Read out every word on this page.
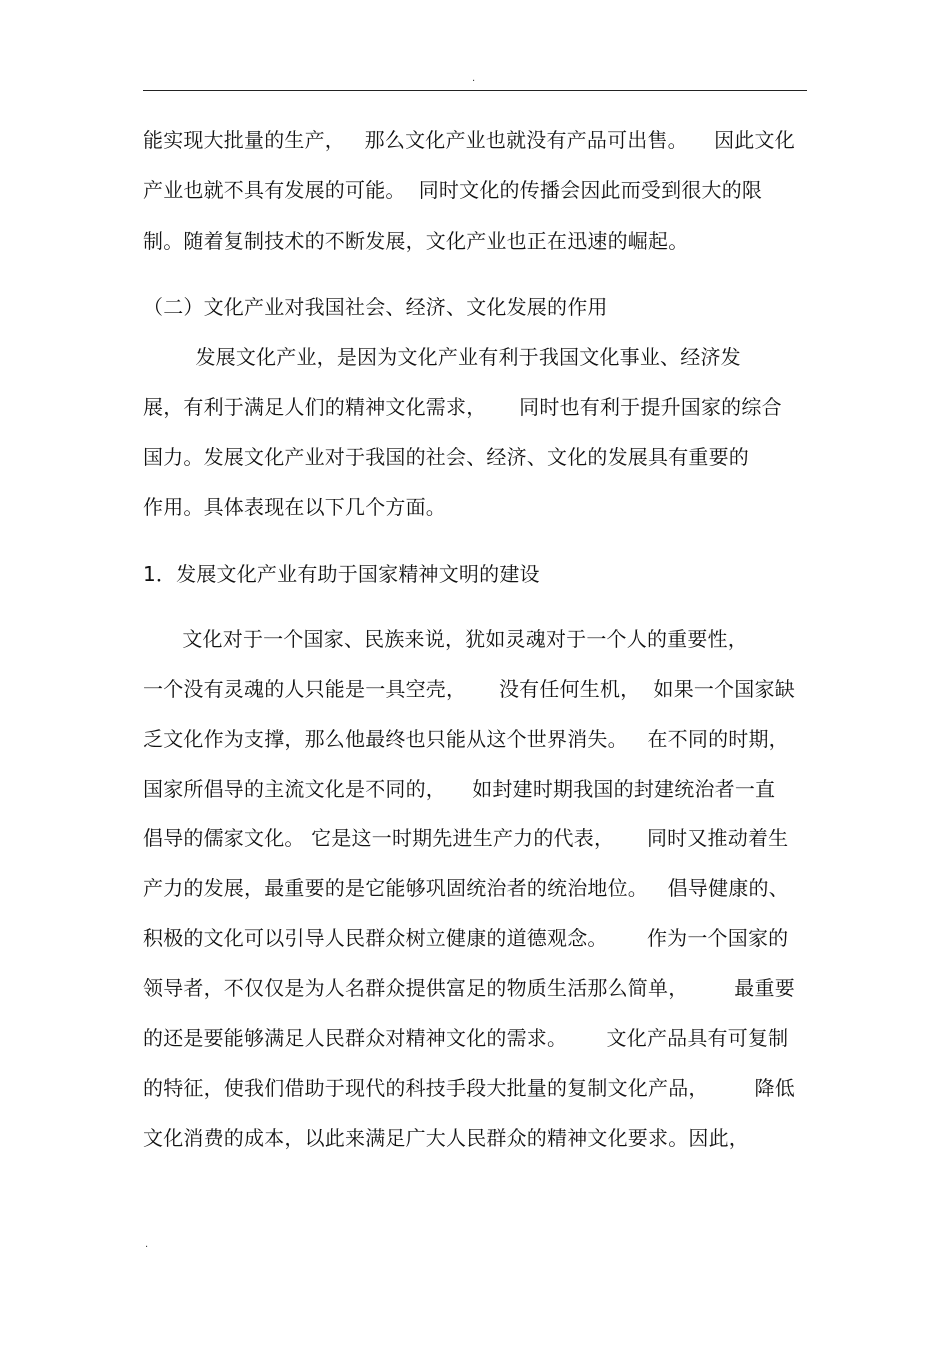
.
能实现大批量的生产，   那么文化产业也就没有产品可出售。    因此文化
产业也就不具有发展的可能。  同时文化的传播会因此而受到很大的限
制。随着复制技术的不断发展，文化产业也正在迅速的崛起。
（二）文化产业对我国社会、经济、文化发展的作用
发展文化产业，是因为文化产业有利于我国文化事业、经济发
展，有利于满足人们的精神文化需求，     同时也有利于提升国家的综合
国力。发展文化产业对于我国的社会、经济、文化的发展具有重要的
作用。具体表现在以下几个方面。
1．发展文化产业有助于国家精神文明的建设
文化对于一个国家、民族来说，犹如灵魂对于一个人的重要性，
一个没有灵魂的人只能是一具空壳，     没有任何生机，  如果一个国家缺
乏文化作为支撑，那么他最终也只能从这个世界消失。   在不同的时期，
国家所倡导的主流文化是不同的，    如封建时期我国的封建统治者一直
倡导的儒家文化。 它是这一时期先进生产力的代表，     同时又推动着生
产力的发展，最重要的是它能够巩固统治者的统治地位。   倡导健康的、
积极的文化可以引导人民群众树立健康的道德观念。      作为一个国家的
领导者，不仅仅是为人名群众提供富足的物质生活那么简单，       最重要
的还是要能够满足人民群众对精神文化的需求。      文化产品具有可复制
的特征，使我们借助于现代的科技手段大批量的复制文化产品，       降低
文化消费的成本，以此来满足广大人民群众的精神文化要求。因此，
.
